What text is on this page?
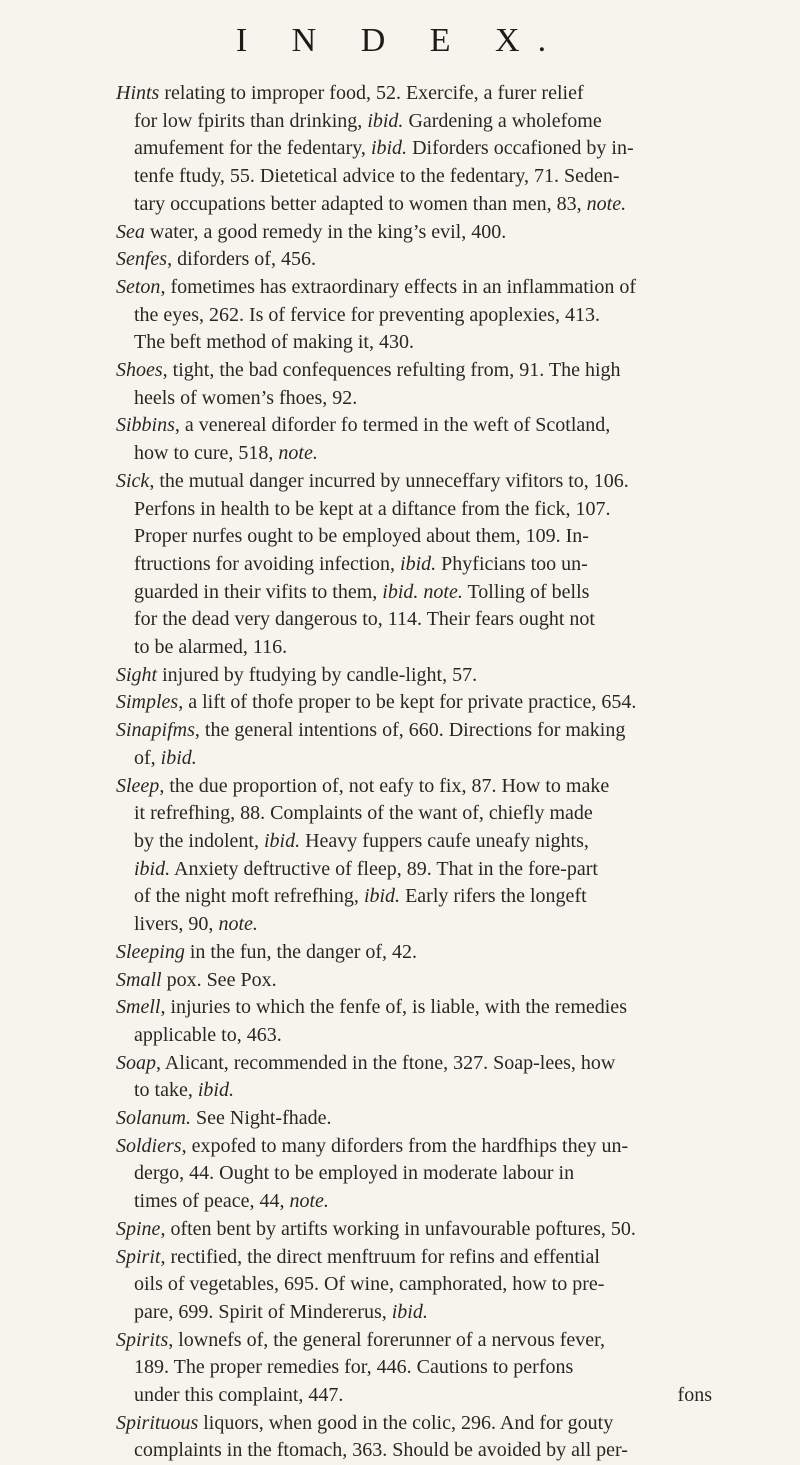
I N D E X.
Hints relating to improper food, 52. Exercife, a furer relief
for low fpirits than drinking, ibid. Gardening a wholefome
amufement for the fedentary, ibid. Diforders occafioned by in-
tenfe ftudy, 55. Dietetical advice to the fedentary, 71. Seden-
tary occupations better adapted to women than men, 83, note.
Sea water, a good remedy in the king’s evil, 400.
Senfes, diforders of, 456.
Seton, fometimes has extraordinary effects in an inflammation of
the eyes, 262. Is of fervice for preventing apoplexies, 413.
The beft method of making it, 430.
Shoes, tight, the bad confequences refulting from, 91. The high
heels of women’s fhoes, 92.
Sibbins, a venereal diforder fo termed in the weft of Scotland,
how to cure, 518, note.
Sick, the mutual danger incurred by unneceffary vifitors to, 106.
Perfons in health to be kept at a diftance from the fick, 107.
Proper nurfes ought to be employed about them, 109. In-
ftructions for avoiding infection, ibid. Phyficians too un-
guarded in their vifits to them, ibid. note. Tolling of bells
for the dead very dangerous to, 114. Their fears ought not
to be alarmed, 116.
Sight injured by ftudying by candle-light, 57.
Simples, a lift of thofe proper to be kept for private practice, 654.
Sinapifms, the general intentions of, 660. Directions for making
of, ibid.
Sleep, the due proportion of, not eafy to fix, 87. How to make
it refrefhing, 88. Complaints of the want of, chiefly made
by the indolent, ibid. Heavy fuppers caufe uneafy nights,
ibid. Anxiety deftructive of fleep, 89. That in the fore-part
of the night moft refrefhing, ibid. Early rifers the longeft
livers, 90, note.
Sleeping in the fun, the danger of, 42.
Small pox. See Pox.
Smell, injuries to which the fenfe of, is liable, with the remedies
applicable to, 463.
Soap, Alicant, recommended in the ftone, 327. Soap-lees, how
to take, ibid.
Solanum. See Night-fhade.
Soldiers, expofed to many diforders from the hardfhips they un-
dergo, 44. Ought to be employed in moderate labour in
times of peace, 44, note.
Spine, often bent by artifts working in unfavourable poftures, 50.
Spirit, rectified, the direct menftruum for refins and effential
oils of vegetables, 695. Of wine, camphorated, how to pre-
pare, 699. Spirit of Mindererus, ibid.
Spirits, lownefs of, the general forerunner of a nervous fever,
189. The proper remedies for, 446. Cautions to perfons
under this complaint, 447.
Spirituous liquors, when good in the colic, 296. And for gouty
complaints in the ftomach, 363. Should be avoided by all per-
fons
